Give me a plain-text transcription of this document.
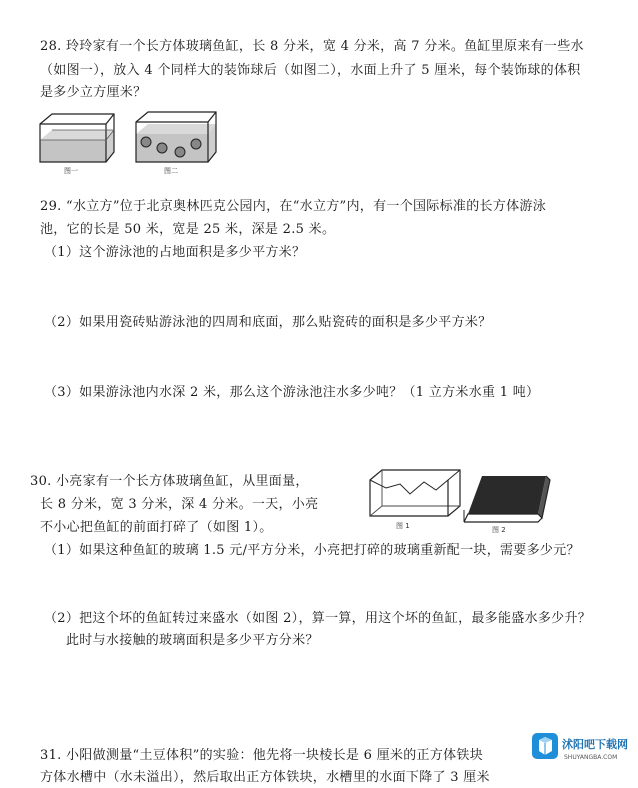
28. 玲玲家有一个长方体玻璃鱼缸，长 8 分米，宽 4 分米，高 7 分米。鱼缸里原来有一些水
（如图一），放入 4 个同样大的装饰球后（如图二），水面上升了 5 厘米，每个装饰球的体积
是多少立方厘米？
图一	图二
29. “水立方”位于北京奥林匹克公园内，在“水立方”内，有一个国际标准的长方体游泳
池，它的长是 50 米，宽是 25 米，深是 2.5 米。
（1）这个游泳池的占地面积是多少平方米？
（2）如果用瓷砖贴游泳池的四周和底面，那么贴瓷砖的面积是多少平方米？
（3）如果游泳池内水深 2 米，那么这个游泳池注水多少吨？（1 立方米水重 1 吨）
30. 小亮家有一个长方体玻璃鱼缸，从里面量，
长 8 分米，宽 3 分米，深 4 分米。一天，小亮
不小心把鱼缸的前面打碎了（如图 1）。	图 1	图 2
（1）如果这种鱼缸的玻璃 1.5 元/平方分米，小亮把打碎的玻璃重新配一块，需要多少元？
（2）把这个坏的鱼缸转过来盛水（如图 2），算一算，用这个坏的鱼缸，最多能盛水多少升？
此时与水接触的玻璃面积是多少平方分米？
31. 小阳做测量“土豆体积”的实验：他先将一块棱长是 6 厘米的正方体铁块
方体水槽中（水未溢出），然后取出正方体铁块，水槽里的水面下降了 3 厘米
沭阳吧下载网
SHUYANGBA.COM
